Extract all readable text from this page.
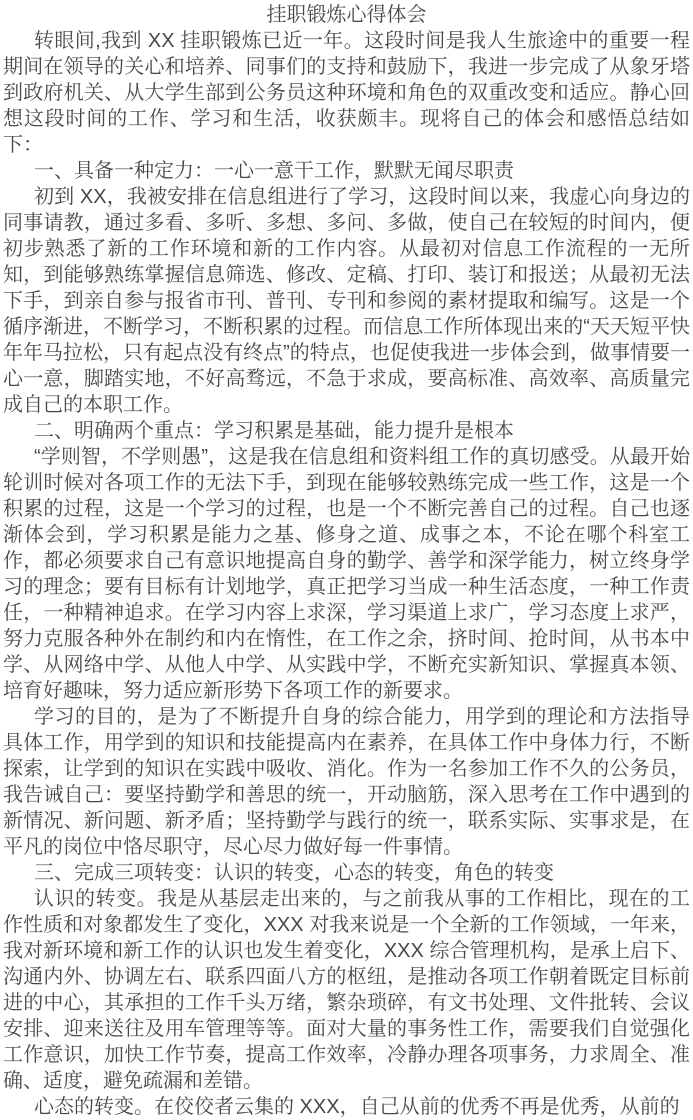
挂职锻炼心得体会

转眼间,我到 XX 挂职锻炼已近一年。这段时间是我人生旅途中的重要一程期间在领导的关心和培养、同事们的支持和鼓励下，我进一步完成了从象牙塔到政府机关、从大学生部到公务员这种环境和角色的双重改变和适应。静心回想这段时间的工作、学习和生活，收获颇丰。现将自己的体会和感悟总结如下：

一、具备一种定力：一心一意干工作，默默无闻尽职责

初到 XX，我被安排在信息组进行了学习，这段时间以来，我虚心向身边的同事请教，通过多看、多听、多想、多问、多做，使自己在较短的时间内，便初步熟悉了新的工作环境和新的工作内容。从最初对信息工作流程的一无所知，到能够熟练掌握信息筛选、修改、定稿、打印、装订和报送；从最初无法下手，到亲自参与报省市刊、普刊、专刊和参阅的素材提取和编写。这是一个循序渐进，不断学习，不断积累的过程。而信息工作所体现出来的“天天短平快年年马拉松，只有起点没有终点”的特点，也促使我进一步体会到，做事情要一心一意，脚踏实地，不好高骛远，不急于求成，要高标准、高效率、高质量完成自己的本职工作。

二、明确两个重点：学习积累是基础，能力提升是根本

“学则智，不学则愚”，这是我在信息组和资料组工作的真切感受。从最开始轮训时候对各项工作的无法下手，到现在能够较熟练完成一些工作，这是一个积累的过程，这是一个学习的过程，也是一个不断完善自己的过程。自己也逐渐体会到，学习积累是能力之基、修身之道、成事之本，不论在哪个科室工作，都必须要求自己有意识地提高自身的勤学、善学和深学能力，树立终身学习的理念；要有目标有计划地学，真正把学习当成一种生活态度，一种工作责任，一种精神追求。在学习内容上求深，学习渠道上求广，学习态度上求严，努力克服各种外在制约和内在惰性，在工作之余，挤时间、抢时间，从书本中学、从网络中学、从他人中学、从实践中学，不断充实新知识、掌握真本领、培育好趣味，努力适应新形势下各项工作的新要求。

学习的目的，是为了不断提升自身的综合能力，用学到的理论和方法指导具体工作，用学到的知识和技能提高内在素养，在具体工作中身体力行，不断探索，让学到的知识在实践中吸收、消化。作为一名参加工作不久的公务员，我告诫自己：要坚持勤学和善思的统一，开动脑筋，深入思考在工作中遇到的新情况、新问题、新矛盾；坚持勤学与践行的统一，联系实际、实事求是，在平凡的岗位中恪尽职守，尽心尽力做好每一件事情。

三、完成三项转变：认识的转变，心态的转变，角色的转变

认识的转变。我是从基层走出来的，与之前我从事的工作相比，现在的工作性质和对象都发生了变化，XXX 对我来说是一个全新的工作领域，一年来，我对新环境和新工作的认识也发生着变化，XXX 综合管理机构，是承上启下、沟通内外、协调左右、联系四面八方的枢纽，是推动各项工作朝着既定目标前进的中心，其承担的工作千头万绪，繁杂琐碎，有文书处理、文件批转、会议安排、迎来送往及用车管理等等。面对大量的事务性工作，需要我们自觉强化工作意识，加快工作节奏，提高工作效率，冷静办理各项事务，力求周全、准确、适度，避免疏漏和差错。

心态的转变。在佼佼者云集的 XXX，自己从前的优秀不再是优秀，从前的
